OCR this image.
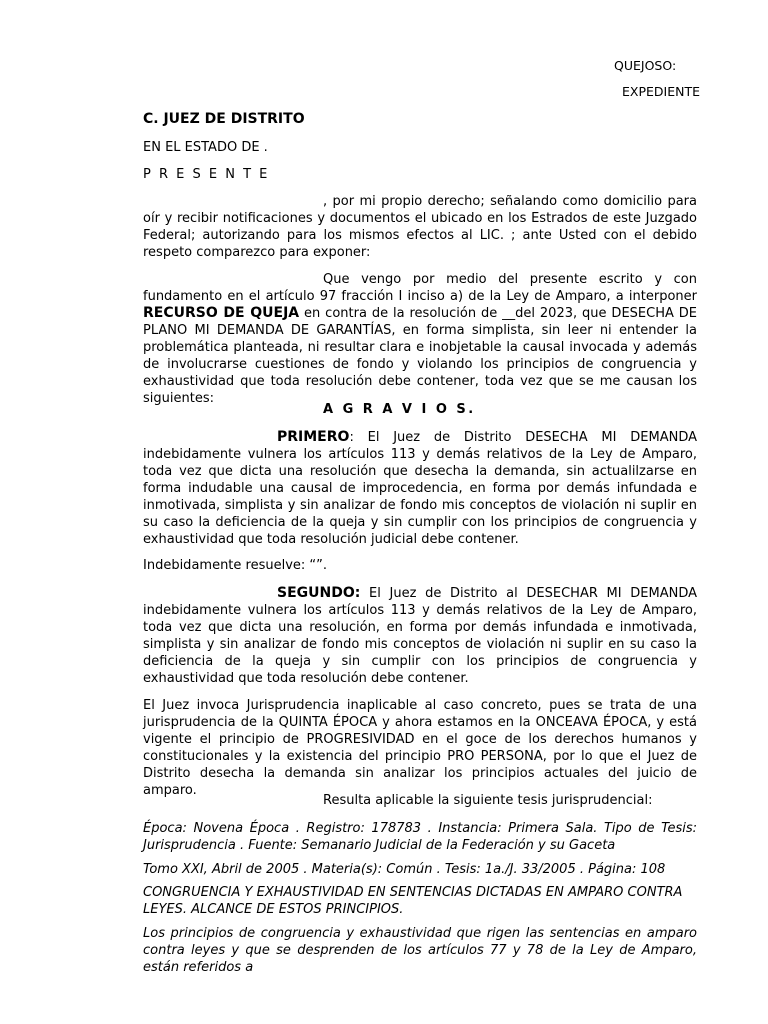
QUEJOSO:
EXPEDIENTE

C. JUEZ DE DISTRITO

EN EL ESTADO DE .

P R E S E N T E

, por mi propio derecho; señalando como domicilio para oír y recibir notificaciones y documentos el ubicado en los Estrados de este Juzgado Federal; autorizando para los mismos efectos al LIC. ; ante Usted con el debido respeto comparezco para exponer:

Que vengo por medio del presente escrito y con fundamento en el artículo 97 fracción I inciso a) de la Ley de Amparo, a interponer RECURSO DE QUEJA en contra de la resolución de __del 2023, que DESECHA DE PLANO MI DEMANDA DE GARANTÍAS, en forma simplista, sin leer ni entender la problemática planteada, ni resultar clara e inobjetable la causal invocada y además de involucrarse cuestiones de fondo y violando los principios de congruencia y exhaustividad que toda resolución debe contener, toda vez que se me causan los siguientes:

A G R A V I O S.

PRIMERO: El Juez de Distrito DESECHA MI DEMANDA indebidamente vulnera los artículos 113 y demás relativos de la Ley de Amparo, toda vez que dicta una resolución que desecha la demanda, sin actualilzarse en forma indudable una causal de improcedencia, en forma por demás infundada e inmotivada, simplista y sin analizar de fondo mis conceptos de violación ni suplir en su caso la deficiencia de la queja y sin cumplir con los principios de congruencia y exhaustividad que toda resolución judicial debe contener.

Indebidamente resuelve: “”.

SEGUNDO: El Juez de Distrito al DESECHAR MI DEMANDA indebidamente vulnera los artículos 113 y demás relativos de la Ley de Amparo, toda vez que dicta una resolución, en forma por demás infundada e inmotivada, simplista y sin analizar de fondo mis conceptos de violación ni suplir en su caso la deficiencia de la queja y sin cumplir con los principios de congruencia y exhaustividad que toda resolución debe contener.

El Juez invoca Jurisprudencia inaplicable al caso concreto, pues se trata de una jurisprudencia de la QUINTA ÉPOCA y ahora estamos en la ONCEAVA ÉPOCA, y está vigente el principio de PROGRESIVIDAD en el goce de los derechos humanos y constitucionales y la existencia del principio PRO PERSONA, por lo que el Juez de Distrito desecha la demanda sin analizar los principios actuales del juicio de amparo.

Resulta aplicable la siguiente tesis jurisprudencial:

Época: Novena Época . Registro: 178783 . Instancia: Primera Sala. Tipo de Tesis: Jurisprudencia . Fuente: Semanario Judicial de la Federación y su Gaceta

Tomo XXI, Abril de 2005 . Materia(s): Común . Tesis: 1a./J. 33/2005 . Página: 108

CONGRUENCIA Y EXHAUSTIVIDAD EN SENTENCIAS DICTADAS EN AMPARO CONTRA LEYES. ALCANCE DE ESTOS PRINCIPIOS.

Los principios de congruencia y exhaustividad que rigen las sentencias en amparo contra leyes y que se desprenden de los artículos 77 y 78 de la Ley de Amparo, están referidos a
